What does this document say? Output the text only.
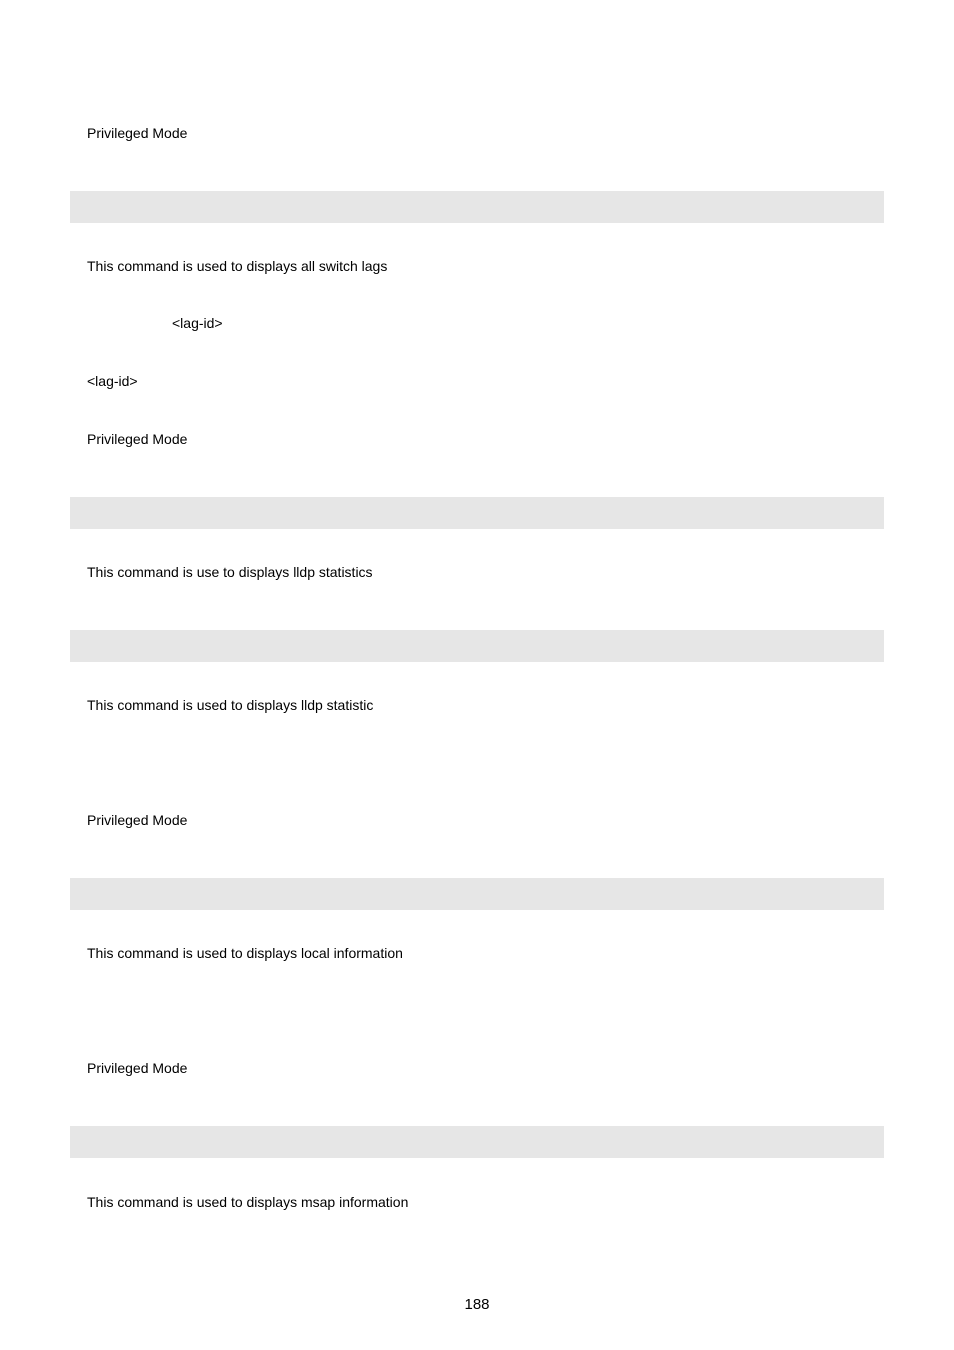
Privileged Mode
This command is used to displays all switch lags
<lag-id>
<lag-id>
Privileged Mode
This command is use to displays lldp statistics
This command is used to displays lldp statistic
Privileged Mode
This command is used to displays local information
Privileged Mode
This command is used to displays msap information
188
